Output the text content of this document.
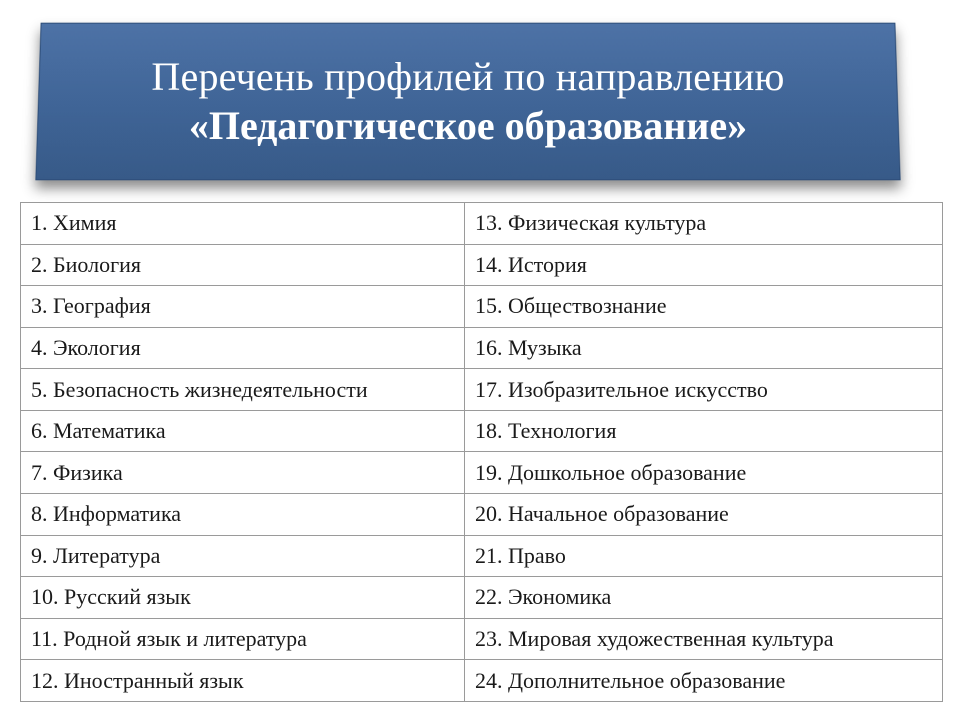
Перечень профилей по направлению
«Педагогическое образование»
1. Химия	13. Физическая культура
2. Биология	14. История
3. География	15. Обществознание
4. Экология	16. Музыка
5. Безопасность жизнедеятельности	17. Изобразительное искусство
6. Математика	18. Технология
7. Физика	19. Дошкольное образование
8. Информатика	20. Начальное образование
9. Литература	21. Право
10. Русский язык	22. Экономика
11. Родной язык и литература	23. Мировая художественная культура
12. Иностранный язык	24. Дополнительное образование
